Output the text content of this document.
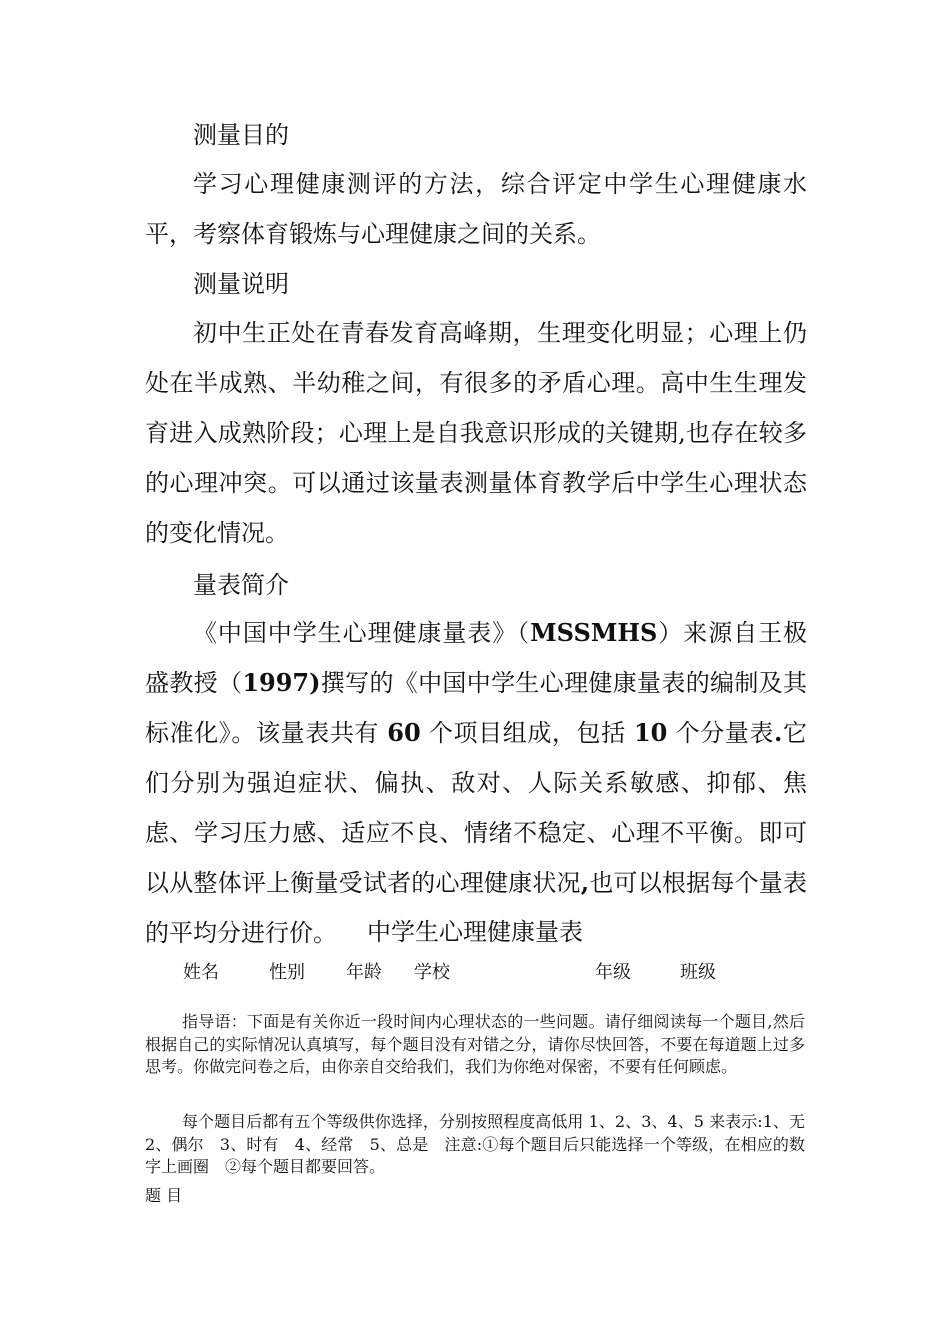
测量目的
学习心理健康测评的方法，综合评定中学生心理健康水平，考察体育锻炼与心理健康之间的关系。
测量说明
初中生正处在青春发育高峰期，生理变化明显；心理上仍处在半成熟、半幼稚之间，有很多的矛盾心理。高中生生理发育进入成熟阶段；心理上是自我意识形成的关键期,也存在较多的心理冲突。可以通过该量表测量体育教学后中学生心理状态的变化情况。
量表简介
《中国中学生心理健康量表》（MSSMHS）来源自王极盛教授（1997)撰写的《中国中学生心理健康量表的编制及其标准化》。该量表共有 60 个项目组成，包括 10 个分量表.它们分别为强迫症状、偏执、敌对、人际关系敏感、抑郁、焦虑、学习压力感、适应不良、情绪不稳定、心理不平衡。即可以从整体评上衡量受试者的心理健康状况,也可以根据每个量表的平均分进行价。	中学生心理健康量表
姓名	性别 年龄 学校	年级	班级
指导语：下面是有关你近一段时间内心理状态的一些问题。请仔细阅读每一个题目,然后根据自己的实际情况认真填写，每个题目没有对错之分，请你尽快回答，不要在每道题上过多思考。你做完问卷之后，由你亲自交给我们，我们为你绝对保密，不要有任何顾虑。
每个题目后都有五个等级供你选择，分别按照程度高低用 1、2、3、4、5 来表示:1、无　2、偶尔　3、时有　4、经常　5、总是　注意:①每个题目后只能选择一个等级，在相应的数字上画圈　②每个题目都要回答。
题 目
